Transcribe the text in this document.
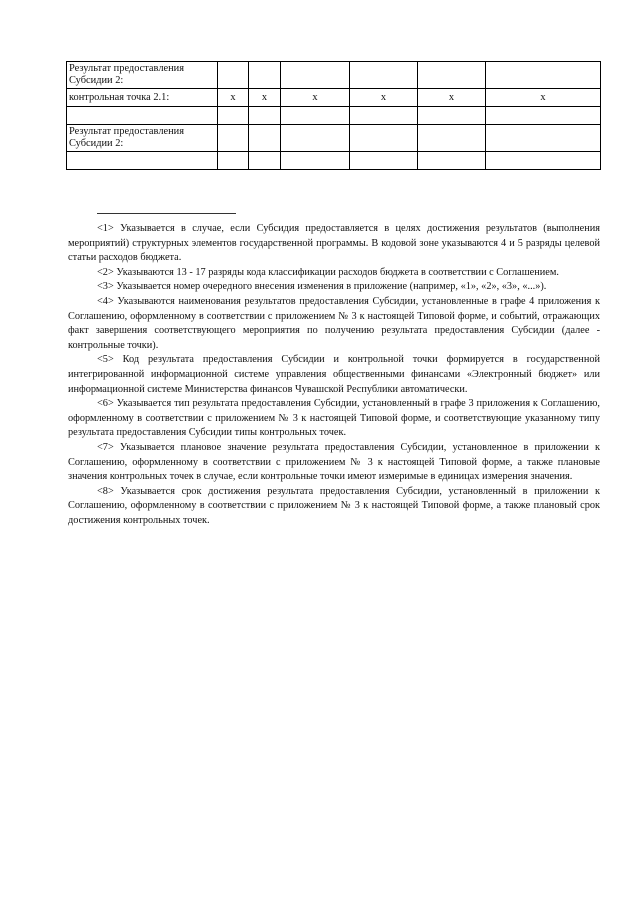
Результат предоставления Субсидии 2:						
контрольная точка 2.1:	x	x	x	x	x	x

Результат предоставления Субсидии 2:						

<1> Указывается в случае, если Субсидия предоставляется в целях достижения результатов (выполнения мероприятий) структурных элементов государственной программы. В кодовой зоне указываются 4 и 5 разряды целевой статьи расходов бюджета.

<2> Указываются 13 - 17 разряды кода классификации расходов бюджета в соответствии с Соглашением.

<3> Указывается номер очередного внесения изменения в приложение (например, «1», «2», «3», «...»).

<4> Указываются наименования результатов предоставления Субсидии, установленные в графе 4 приложения к Соглашению, оформленному в соответствии с приложением № 3 к настоящей Типовой форме, и событий, отражающих факт завершения соответствующего мероприятия по получению результата предоставления Субсидии (далее - контрольные точки).

<5> Код результата предоставления Субсидии и контрольной точки формируется в государственной интегрированной информационной системе управления общественными финансами «Электронный бюджет» или информационной системе Министерства финансов Чувашской Республики автоматически.

<6> Указывается тип результата предоставления Субсидии, установленный в графе 3 приложения к Соглашению, оформленному в соответствии с приложением № 3 к настоящей Типовой форме, и соответствующие указанному типу результата предоставления Субсидии типы контрольных точек.

<7> Указывается плановое значение результата предоставления Субсидии, установленное в приложении к Соглашению, оформленному в соответствии с приложением № 3 к настоящей Типовой форме, а также плановые значения контрольных точек в случае, если контрольные точки имеют измеримые в единицах измерения значения.

<8> Указывается срок достижения результата предоставления Субсидии, установленный в приложении к Соглашению, оформленному в соответствии с приложением № 3 к настоящей Типовой форме, а также плановый срок достижения контрольных точек.
